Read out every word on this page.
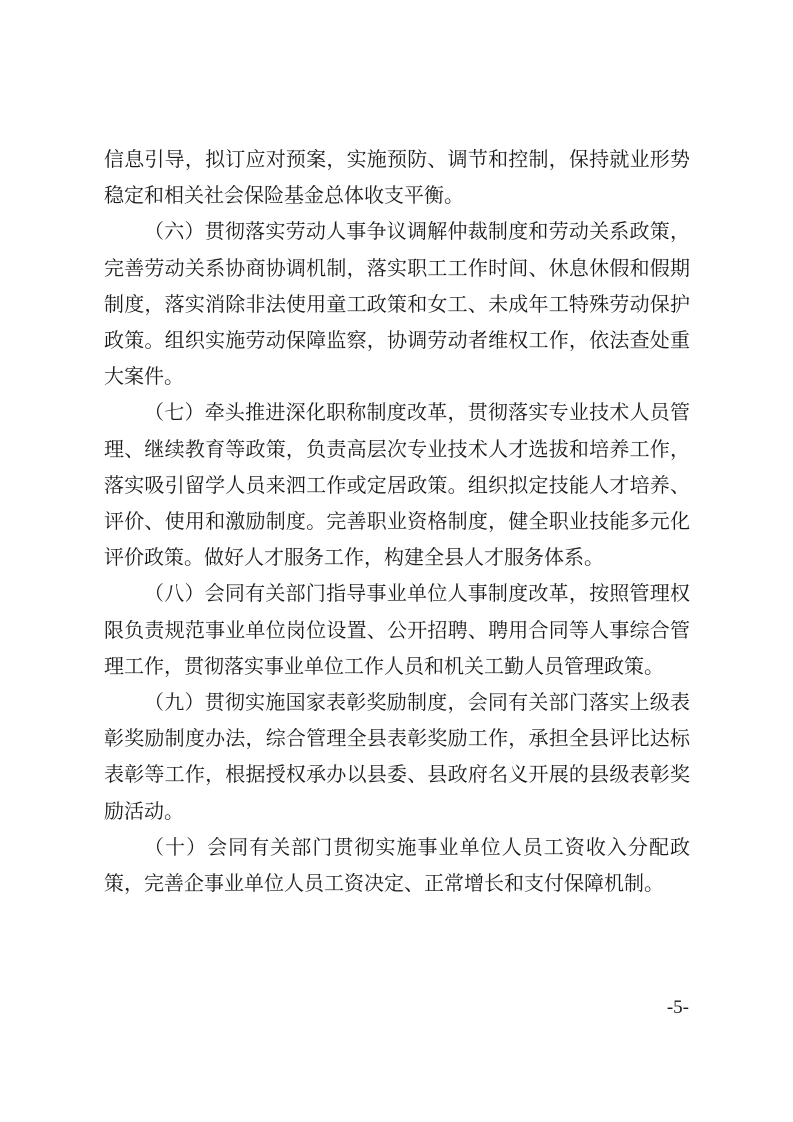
信息引导，拟订应对预案，实施预防、调节和控制，保持就业形势稳定和相关社会保险基金总体收支平衡。

（六）贯彻落实劳动人事争议调解仲裁制度和劳动关系政策，完善劳动关系协商协调机制，落实职工工作时间、休息休假和假期制度，落实消除非法使用童工政策和女工、未成年工特殊劳动保护政策。组织实施劳动保障监察，协调劳动者维权工作，依法查处重大案件。

（七）牵头推进深化职称制度改革，贯彻落实专业技术人员管理、继续教育等政策，负责高层次专业技术人才选拔和培养工作，落实吸引留学人员来泗工作或定居政策。组织拟定技能人才培养、评价、使用和激励制度。完善职业资格制度，健全职业技能多元化评价政策。做好人才服务工作，构建全县人才服务体系。

（八）会同有关部门指导事业单位人事制度改革，按照管理权限负责规范事业单位岗位设置、公开招聘、聘用合同等人事综合管理工作，贯彻落实事业单位工作人员和机关工勤人员管理政策。

（九）贯彻实施国家表彰奖励制度，会同有关部门落实上级表彰奖励制度办法，综合管理全县表彰奖励工作，承担全县评比达标表彰等工作，根据授权承办以县委、县政府名义开展的县级表彰奖励活动。

（十）会同有关部门贯彻实施事业单位人员工资收入分配政策，完善企事业单位人员工资决定、正常增长和支付保障机制。

-5-
